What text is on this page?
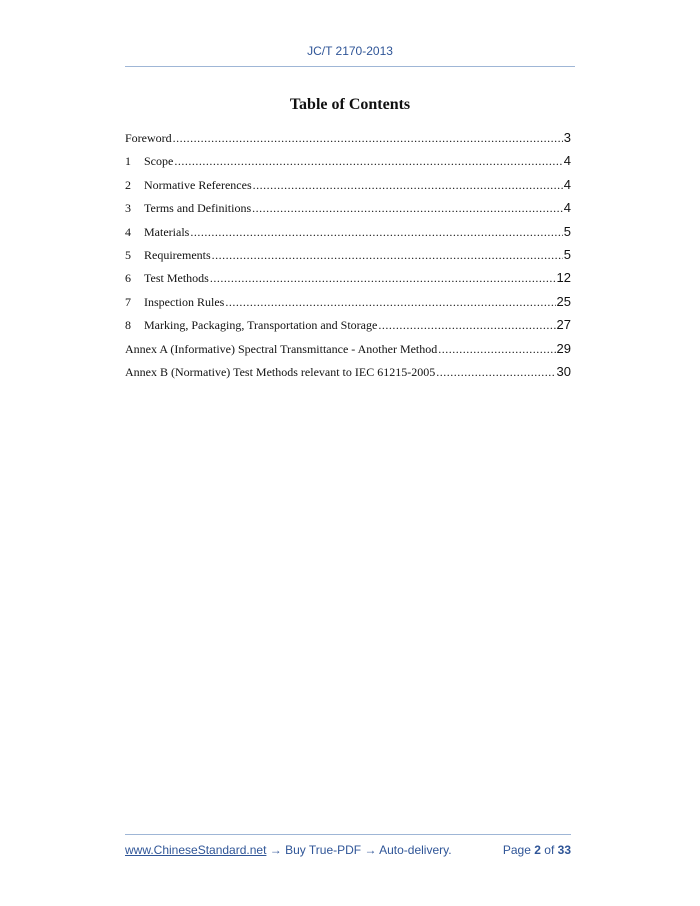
JC/T 2170-2013
Table of Contents
Foreword .....	3
1	Scope .....	4
2	Normative References .....	4
3	Terms and Definitions .....	4
4	Materials .....	5
5	Requirements .....	5
6	Test Methods .....	12
7	Inspection Rules .....	25
8	Marking, Packaging, Transportation and Storage .....	27
Annex A (Informative) Spectral Transmittance - Another Method .....	29
Annex B (Normative) Test Methods relevant to IEC 61215-2005 .....	30
www.ChineseStandard.net → Buy True-PDF → Auto-delivery.	Page 2 of 33
